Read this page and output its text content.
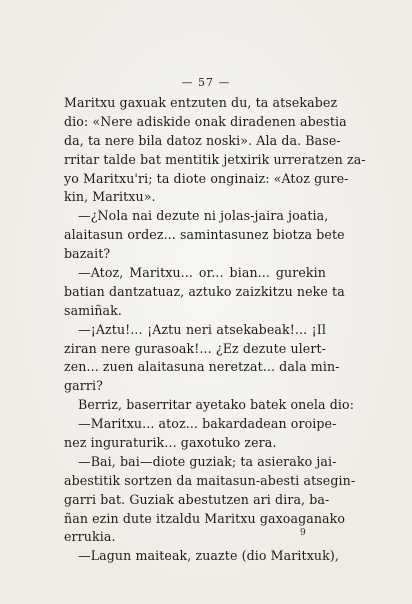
— 57 —
Maritxu gaxuak entzuten du, ta atsekabez
dio: «Nere adiskide onak diradenen abestia
da, ta nere bila datoz noski». Ala da. Base-
rritar talde bat mentitik jetxirik urreratzen za-
yo Maritxu'ri; ta diote onginaiz: «Atoz gure-
kin, Maritxu».
—¿Nola nai dezute ni jolas-jaira joatia,
alaitasun ordez... samintasunez biotza bete
bazait?
—Atoz, Maritxu... or... bian... gurekin
batian dantzatuaz, aztuko zaizkitzu neke ta
samiñak.
—¡Aztu!... ¡Aztu neri atsekabeak!... ¡Il
ziran nere gurasoak!... ¿Ez dezute ulert-
zen... zuen alaitasuna neretzat... dala min-
garri?
Berriz, baserritar ayetako batek onela dio:
—Maritxu... atoz... bakardadean oroipe-
nez inguraturik... gaxotuko zera.
—Bai, bai—diote guziak; ta asierako jai-
abestitik sortzen da maitasun-abesti atsegin-
garri bat. Guziak abestutzen ari dira, ba-
ñan ezin dute itzaldu Maritxu gaxoaganako
errukia.
—Lagun maiteak, zuazte (dio Maritxuk),
9
